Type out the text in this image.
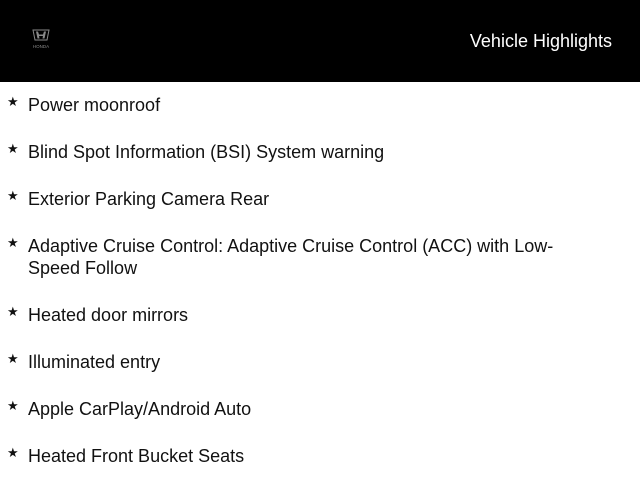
HONDA	Vehicle Highlights
★ Power moonroof
★ Blind Spot Information (BSI) System warning
★ Exterior Parking Camera Rear
★ Adaptive Cruise Control: Adaptive Cruise Control (ACC) with Low-Speed Follow
★ Heated door mirrors
★ Illuminated entry
★ Apple CarPlay/Android Auto
★ Heated Front Bucket Seats
